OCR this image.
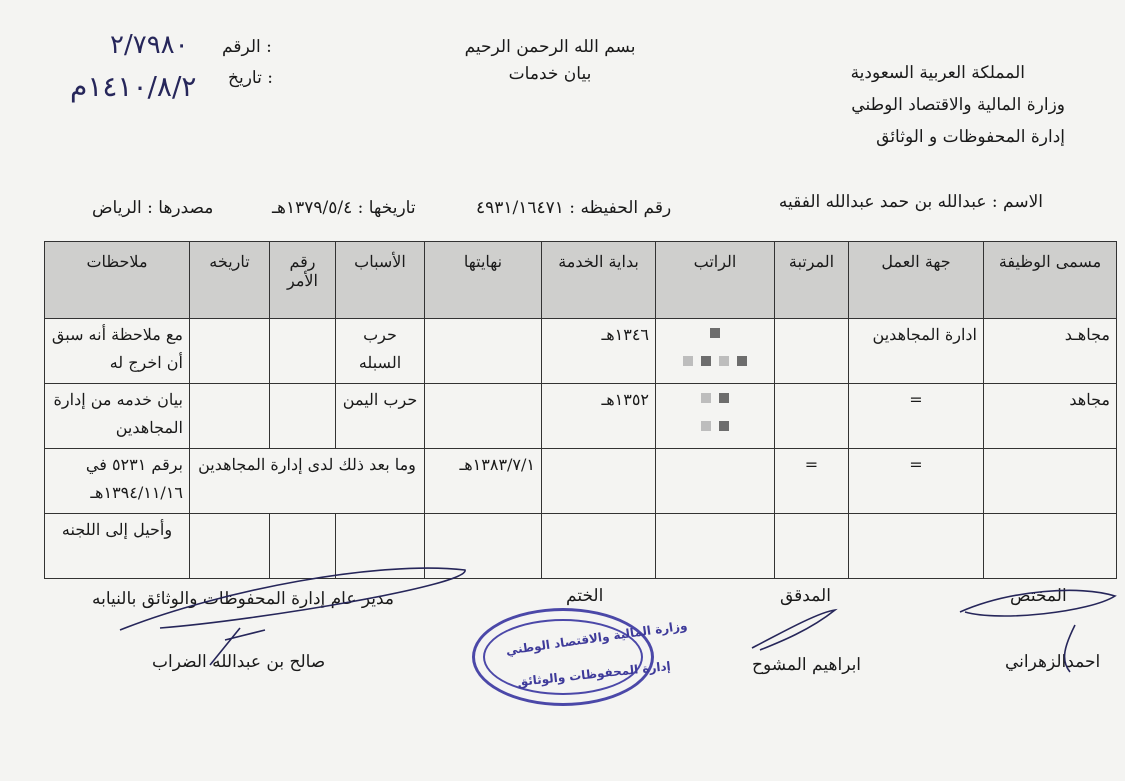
بسم الله الرحمن الرحيم
بيان خدمات	المملكة العربية السعودية
وزارة المالية والاقتصاد الوطني
إدارة المحفوظات و الوثائق
الرقم :
٢/٧٩٨٠
تاريخ :
١٤١٠/٨/٢م
الاسم : عبدالله بن حمد عبدالله الفقيه
رقم الحفيظه : ٤٩٣١/١٦٤٧١
تاريخها : ١٣٧٩/٥/٤هـ
مصدرها : الرياض
مسمى الوظيفة	جهة العمل	المرتبة	الراتب	بداية الخدمة	نهايتها	الأسباب	رقم الأمر	تاريخه	ملاحظات
مجاهـد	ادارة المجاهدين			١٣٤٦هـ		حرب السبله			مع ملاحظة أنه سبق أن اخرج له
مجاهد	=			١٣٥٢هـ		حرب اليمن			بيان خدمه من إدارة المجاهدين
	=	=			١٣٨٣/٧/١هـ	وما بعد ذلك لدى إدارة المجاهدين			برقم ٥٢٣١ في ١٣٩٤/١١/١٦هـ
									وأحيل إلى اللجنه
المختص
احمدالزهراني
المدقق
ابراهيم المشوح
الختم
مدير عام إدارة المحفوظات والوثائق بالنيابه
صالح بن عبدالله الضراب
وزارة المالية والاقتصاد الوطني
إدارة المحفوظات والوثائق
